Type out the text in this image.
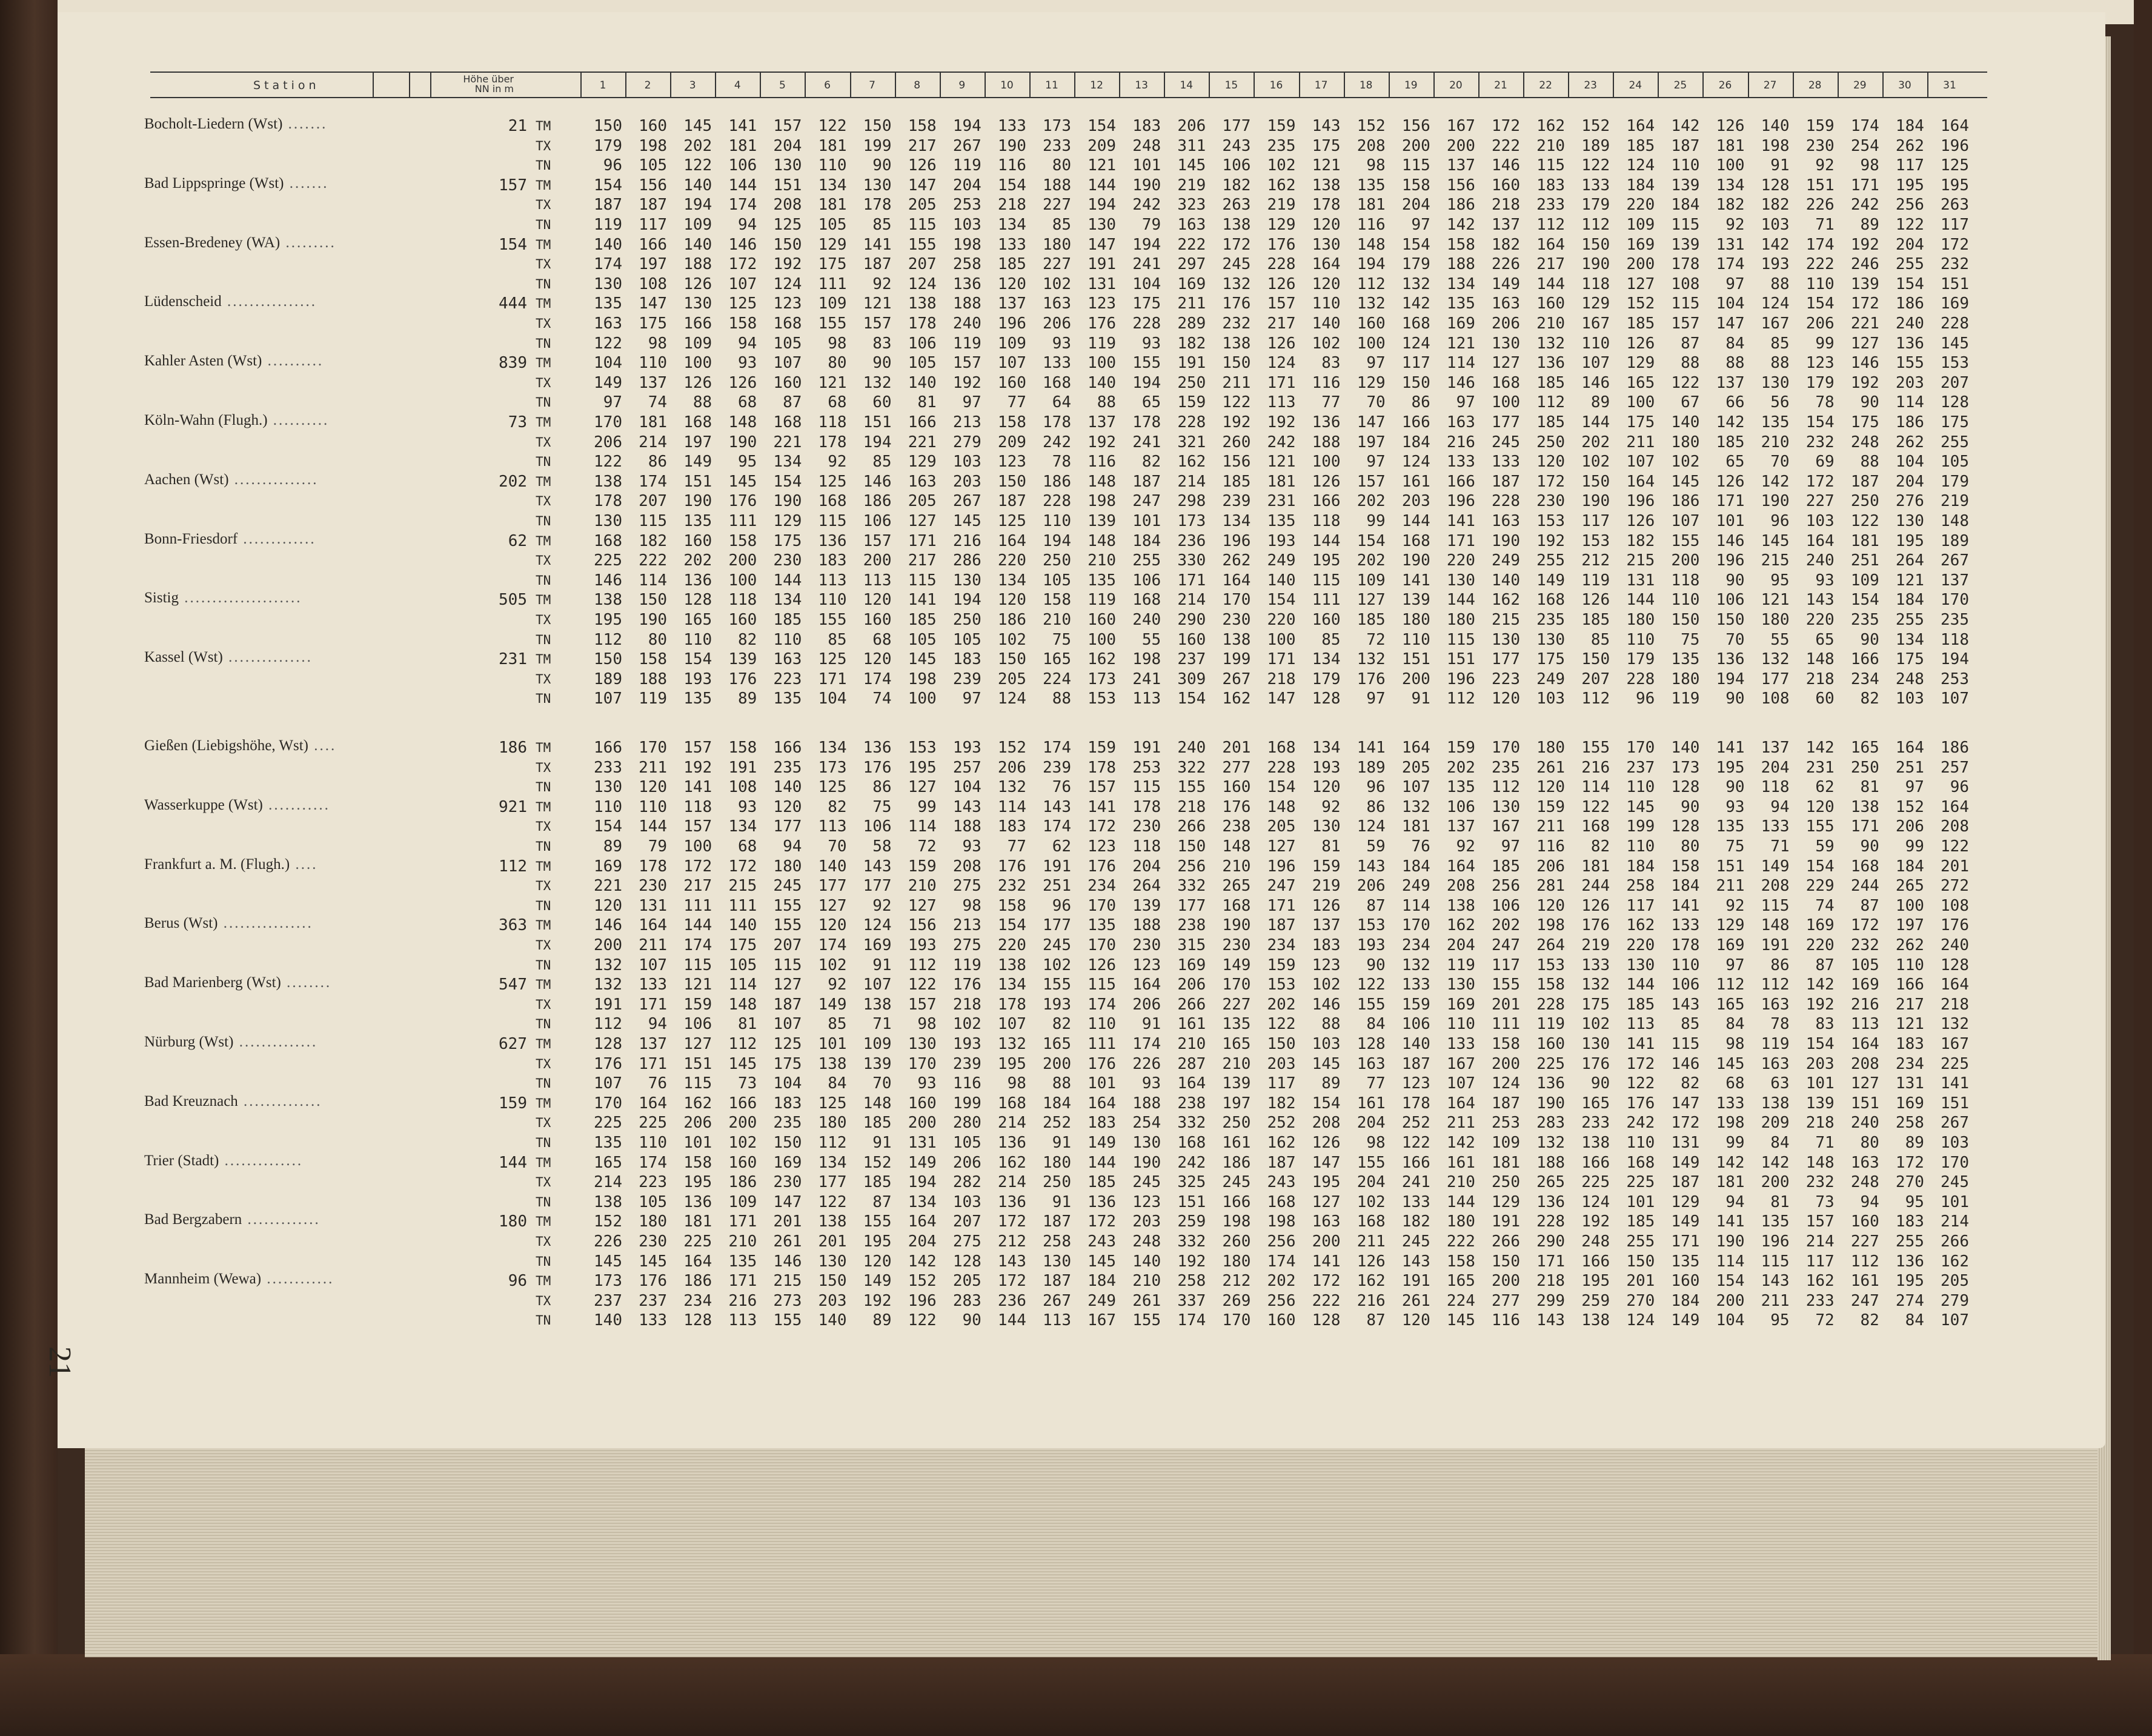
Station	Höhe über
NN in m	1	2	3	4	5	6	7	8	9	10	11	12	13	14	15	16	17	18	19	20	21	22	23	24	25	26	27	28	29	30	31
Bocholt-Liedern (Wst) .......	21 TM	150	160	145	141	157	122	150	158	194	133	173	154	183	206	177	159	143	152	156	167	172	162	152	164	142	126	140	159	174	184	164
TX	179	198	202	181	204	181	199	217	267	190	233	209	248	311	243	235	175	208	200	200	222	210	189	185	187	181	198	230	254	262	196
TN	96	105	122	106	130	110	90	126	119	116	80	121	101	145	106	102	121	98	115	137	146	115	122	124	110	100	91	92	98	117	125
Bad Lippspringe (Wst) .......	157 TM	154	156	140	144	151	134	130	147	204	154	188	144	190	219	182	162	138	135	158	156	160	183	133	184	139	134	128	151	171	195	195
TX	187	187	194	174	208	181	178	205	253	218	227	194	242	323	263	219	178	181	204	186	218	233	179	220	184	182	182	226	242	256	263
TN	119	117	109	94	125	105	85	115	103	134	85	130	79	163	138	129	120	116	97	142	137	112	112	109	115	92	103	71	89	122	117
Essen-Bredeney (WA) .........	154 TM	140	166	140	146	150	129	141	155	198	133	180	147	194	222	172	176	130	148	154	158	182	164	150	169	139	131	142	174	192	204	172
TX	174	197	188	172	192	175	187	207	258	185	227	191	241	297	245	228	164	194	179	188	226	217	190	200	178	174	193	222	246	255	232
TN	130	108	126	107	124	111	92	124	136	120	102	131	104	169	132	126	120	112	132	134	149	144	118	127	108	97	88	110	139	154	151
Lüdenscheid ................	444 TM	135	147	130	125	123	109	121	138	188	137	163	123	175	211	176	157	110	132	142	135	163	160	129	152	115	104	124	154	172	186	169
TX	163	175	166	158	168	155	157	178	240	196	206	176	228	289	232	217	140	160	168	169	206	210	167	185	157	147	167	206	221	240	228
TN	122	98	109	94	105	98	83	106	119	109	93	119	93	182	138	126	102	100	124	121	130	132	110	126	87	84	85	99	127	136	145
Kahler Asten (Wst) ..........	839 TM	104	110	100	93	107	80	90	105	157	107	133	100	155	191	150	124	83	97	117	114	127	136	107	129	88	88	88	123	146	155	153
TX	149	137	126	126	160	121	132	140	192	160	168	140	194	250	211	171	116	129	150	146	168	185	146	165	122	137	130	179	192	203	207
TN	97	74	88	68	87	68	60	81	97	77	64	88	65	159	122	113	77	70	86	97	100	112	89	100	67	66	56	78	90	114	128
Köln-Wahn (Flugh.) ..........	73 TM	170	181	168	148	168	118	151	166	213	158	178	137	178	228	192	192	136	147	166	163	177	185	144	175	140	142	135	154	175	186	175
TX	206	214	197	190	221	178	194	221	279	209	242	192	241	321	260	242	188	197	184	216	245	250	202	211	180	185	210	232	248	262	255
TN	122	86	149	95	134	92	85	129	103	123	78	116	82	162	156	121	100	97	124	133	133	120	102	107	102	65	70	69	88	104	105
Aachen (Wst) ...............	202 TM	138	174	151	145	154	125	146	163	203	150	186	148	187	214	185	181	126	157	161	166	187	172	150	164	145	126	142	172	187	204	179
TX	178	207	190	176	190	168	186	205	267	187	228	198	247	298	239	231	166	202	203	196	228	230	190	196	186	171	190	227	250	276	219
TN	130	115	135	111	129	115	106	127	145	125	110	139	101	173	134	135	118	99	144	141	163	153	117	126	107	101	96	103	122	130	148
Bonn-Friesdorf .............	62 TM	168	182	160	158	175	136	157	171	216	164	194	148	184	236	196	193	144	154	168	171	190	192	153	182	155	146	145	164	181	195	189
TX	225	222	202	200	230	183	200	217	286	220	250	210	255	330	262	249	195	202	190	220	249	255	212	215	200	196	215	240	251	264	267
TN	146	114	136	100	144	113	113	115	130	134	105	135	106	171	164	140	115	109	141	130	140	149	119	131	118	90	95	93	109	121	137
Sistig .....................	505 TM	138	150	128	118	134	110	120	141	194	120	158	119	168	214	170	154	111	127	139	144	162	168	126	144	110	106	121	143	154	184	170
TX	195	190	165	160	185	155	160	185	250	186	210	160	240	290	230	220	160	185	180	180	215	235	185	180	150	150	180	220	235	255	235
TN	112	80	110	82	110	85	68	105	105	102	75	100	55	160	138	100	85	72	110	115	130	130	85	110	75	70	55	65	90	134	118
Kassel (Wst) ...............	231 TM	150	158	154	139	163	125	120	145	183	150	165	162	198	237	199	171	134	132	151	151	177	175	150	179	135	136	132	148	166	175	194
TX	189	188	193	176	223	171	174	198	239	205	224	173	241	309	267	218	179	176	200	196	223	249	207	228	180	194	177	218	234	248	253
TN	107	119	135	89	135	104	74	100	97	124	88	153	113	154	162	147	128	97	91	112	120	103	112	96	119	90	108	60	82	103	107
Gießen (Liebigshöhe, Wst) ....	186 TM	166	170	157	158	166	134	136	153	193	152	174	159	191	240	201	168	134	141	164	159	170	180	155	170	140	141	137	142	165	164	186
TX	233	211	192	191	235	173	176	195	257	206	239	178	253	322	277	228	193	189	205	202	235	261	216	237	173	195	204	231	250	251	257
TN	130	120	141	108	140	125	86	127	104	132	76	157	115	155	160	154	120	96	107	135	112	120	114	110	128	90	118	62	81	97	96
Wasserkuppe (Wst) ...........	921 TM	110	110	118	93	120	82	75	99	143	114	143	141	178	218	176	148	92	86	132	106	130	159	122	145	90	93	94	120	138	152	164
TX	154	144	157	134	177	113	106	114	188	183	174	172	230	266	238	205	130	124	181	137	167	211	168	199	128	135	133	155	171	206	208
TN	89	79	100	68	94	70	58	72	93	77	62	123	118	150	148	127	81	59	76	92	97	116	82	110	80	75	71	59	90	99	122
Frankfurt a. M. (Flugh.) ....	112 TM	169	178	172	172	180	140	143	159	208	176	191	176	204	256	210	196	159	143	184	164	185	206	181	184	158	151	149	154	168	184	201
TX	221	230	217	215	245	177	177	210	275	232	251	234	264	332	265	247	219	206	249	208	256	281	244	258	184	211	208	229	244	265	272
TN	120	131	111	111	155	127	92	127	98	158	96	170	139	177	168	171	126	87	114	138	106	120	126	117	141	92	115	74	87	100	108
Berus (Wst) ................	363 TM	146	164	144	140	155	120	124	156	213	154	177	135	188	238	190	187	137	153	170	162	202	198	176	162	133	129	148	169	172	197	176
TX	200	211	174	175	207	174	169	193	275	220	245	170	230	315	230	234	183	193	234	204	247	264	219	220	178	169	191	220	232	262	240
TN	132	107	115	105	115	102	91	112	119	138	102	126	123	169	149	159	123	90	132	119	117	153	133	130	110	97	86	87	105	110	128
Bad Marienberg (Wst) ........	547 TM	132	133	121	114	127	92	107	122	176	134	155	115	164	206	170	153	102	122	133	130	155	158	132	144	106	112	112	142	169	166	164
TX	191	171	159	148	187	149	138	157	218	178	193	174	206	266	227	202	146	155	159	169	201	228	175	185	143	165	163	192	216	217	218
TN	112	94	106	81	107	85	71	98	102	107	82	110	91	161	135	122	88	84	106	110	111	119	102	113	85	84	78	83	113	121	132
Nürburg (Wst) ..............	627 TM	128	137	127	112	125	101	109	130	193	132	165	111	174	210	165	150	103	128	140	133	158	160	130	141	115	98	119	154	164	183	167
TX	176	171	151	145	175	138	139	170	239	195	200	176	226	287	210	203	145	163	187	167	200	225	176	172	146	145	163	203	208	234	225
TN	107	76	115	73	104	84	70	93	116	98	88	101	93	164	139	117	89	77	123	107	124	136	90	122	82	68	63	101	127	131	141
Bad Kreuznach ..............	159 TM	170	164	162	166	183	125	148	160	199	168	184	164	188	238	197	182	154	161	178	164	187	190	165	176	147	133	138	139	151	169	151
TX	225	225	206	200	235	180	185	200	280	214	252	183	254	332	250	252	208	204	252	211	253	283	233	242	172	198	209	218	240	258	267
TN	135	110	101	102	150	112	91	131	105	136	91	149	130	168	161	162	126	98	122	142	109	132	138	110	131	99	84	71	80	89	103
Trier (Stadt) ..............	144 TM	165	174	158	160	169	134	152	149	206	162	180	144	190	242	186	187	147	155	166	161	181	188	166	168	149	142	142	148	163	172	170
TX	214	223	195	186	230	177	185	194	282	214	250	185	245	325	245	243	195	204	241	210	250	265	225	225	187	181	200	232	248	270	245
TN	138	105	136	109	147	122	87	134	103	136	91	136	123	151	166	168	127	102	133	144	129	136	124	101	129	94	81	73	94	95	101
Bad Bergzabern .............	180 TM	152	180	181	171	201	138	155	164	207	172	187	172	203	259	198	198	163	168	182	180	191	228	192	185	149	141	135	157	160	183	214
TX	226	230	225	210	261	201	195	204	275	212	258	243	248	332	260	256	200	211	245	222	266	290	248	255	171	190	196	214	227	255	266
TN	145	145	164	135	146	130	120	142	128	143	130	145	140	192	180	174	141	126	143	158	150	171	166	150	135	114	115	117	112	136	162
Mannheim (Wewa) ............	96 TM	173	176	186	171	215	150	149	152	205	172	187	184	210	258	212	202	172	162	191	165	200	218	195	201	160	154	143	162	161	195	205
TX	237	237	234	216	273	203	192	196	283	236	267	249	261	337	269	256	222	216	261	224	277	299	259	270	184	200	211	233	247	274	279
TN	140	133	128	113	155	140	89	122	90	144	113	167	155	174	170	160	128	87	120	145	116	143	138	124	149	104	95	72	82	84	107
21
